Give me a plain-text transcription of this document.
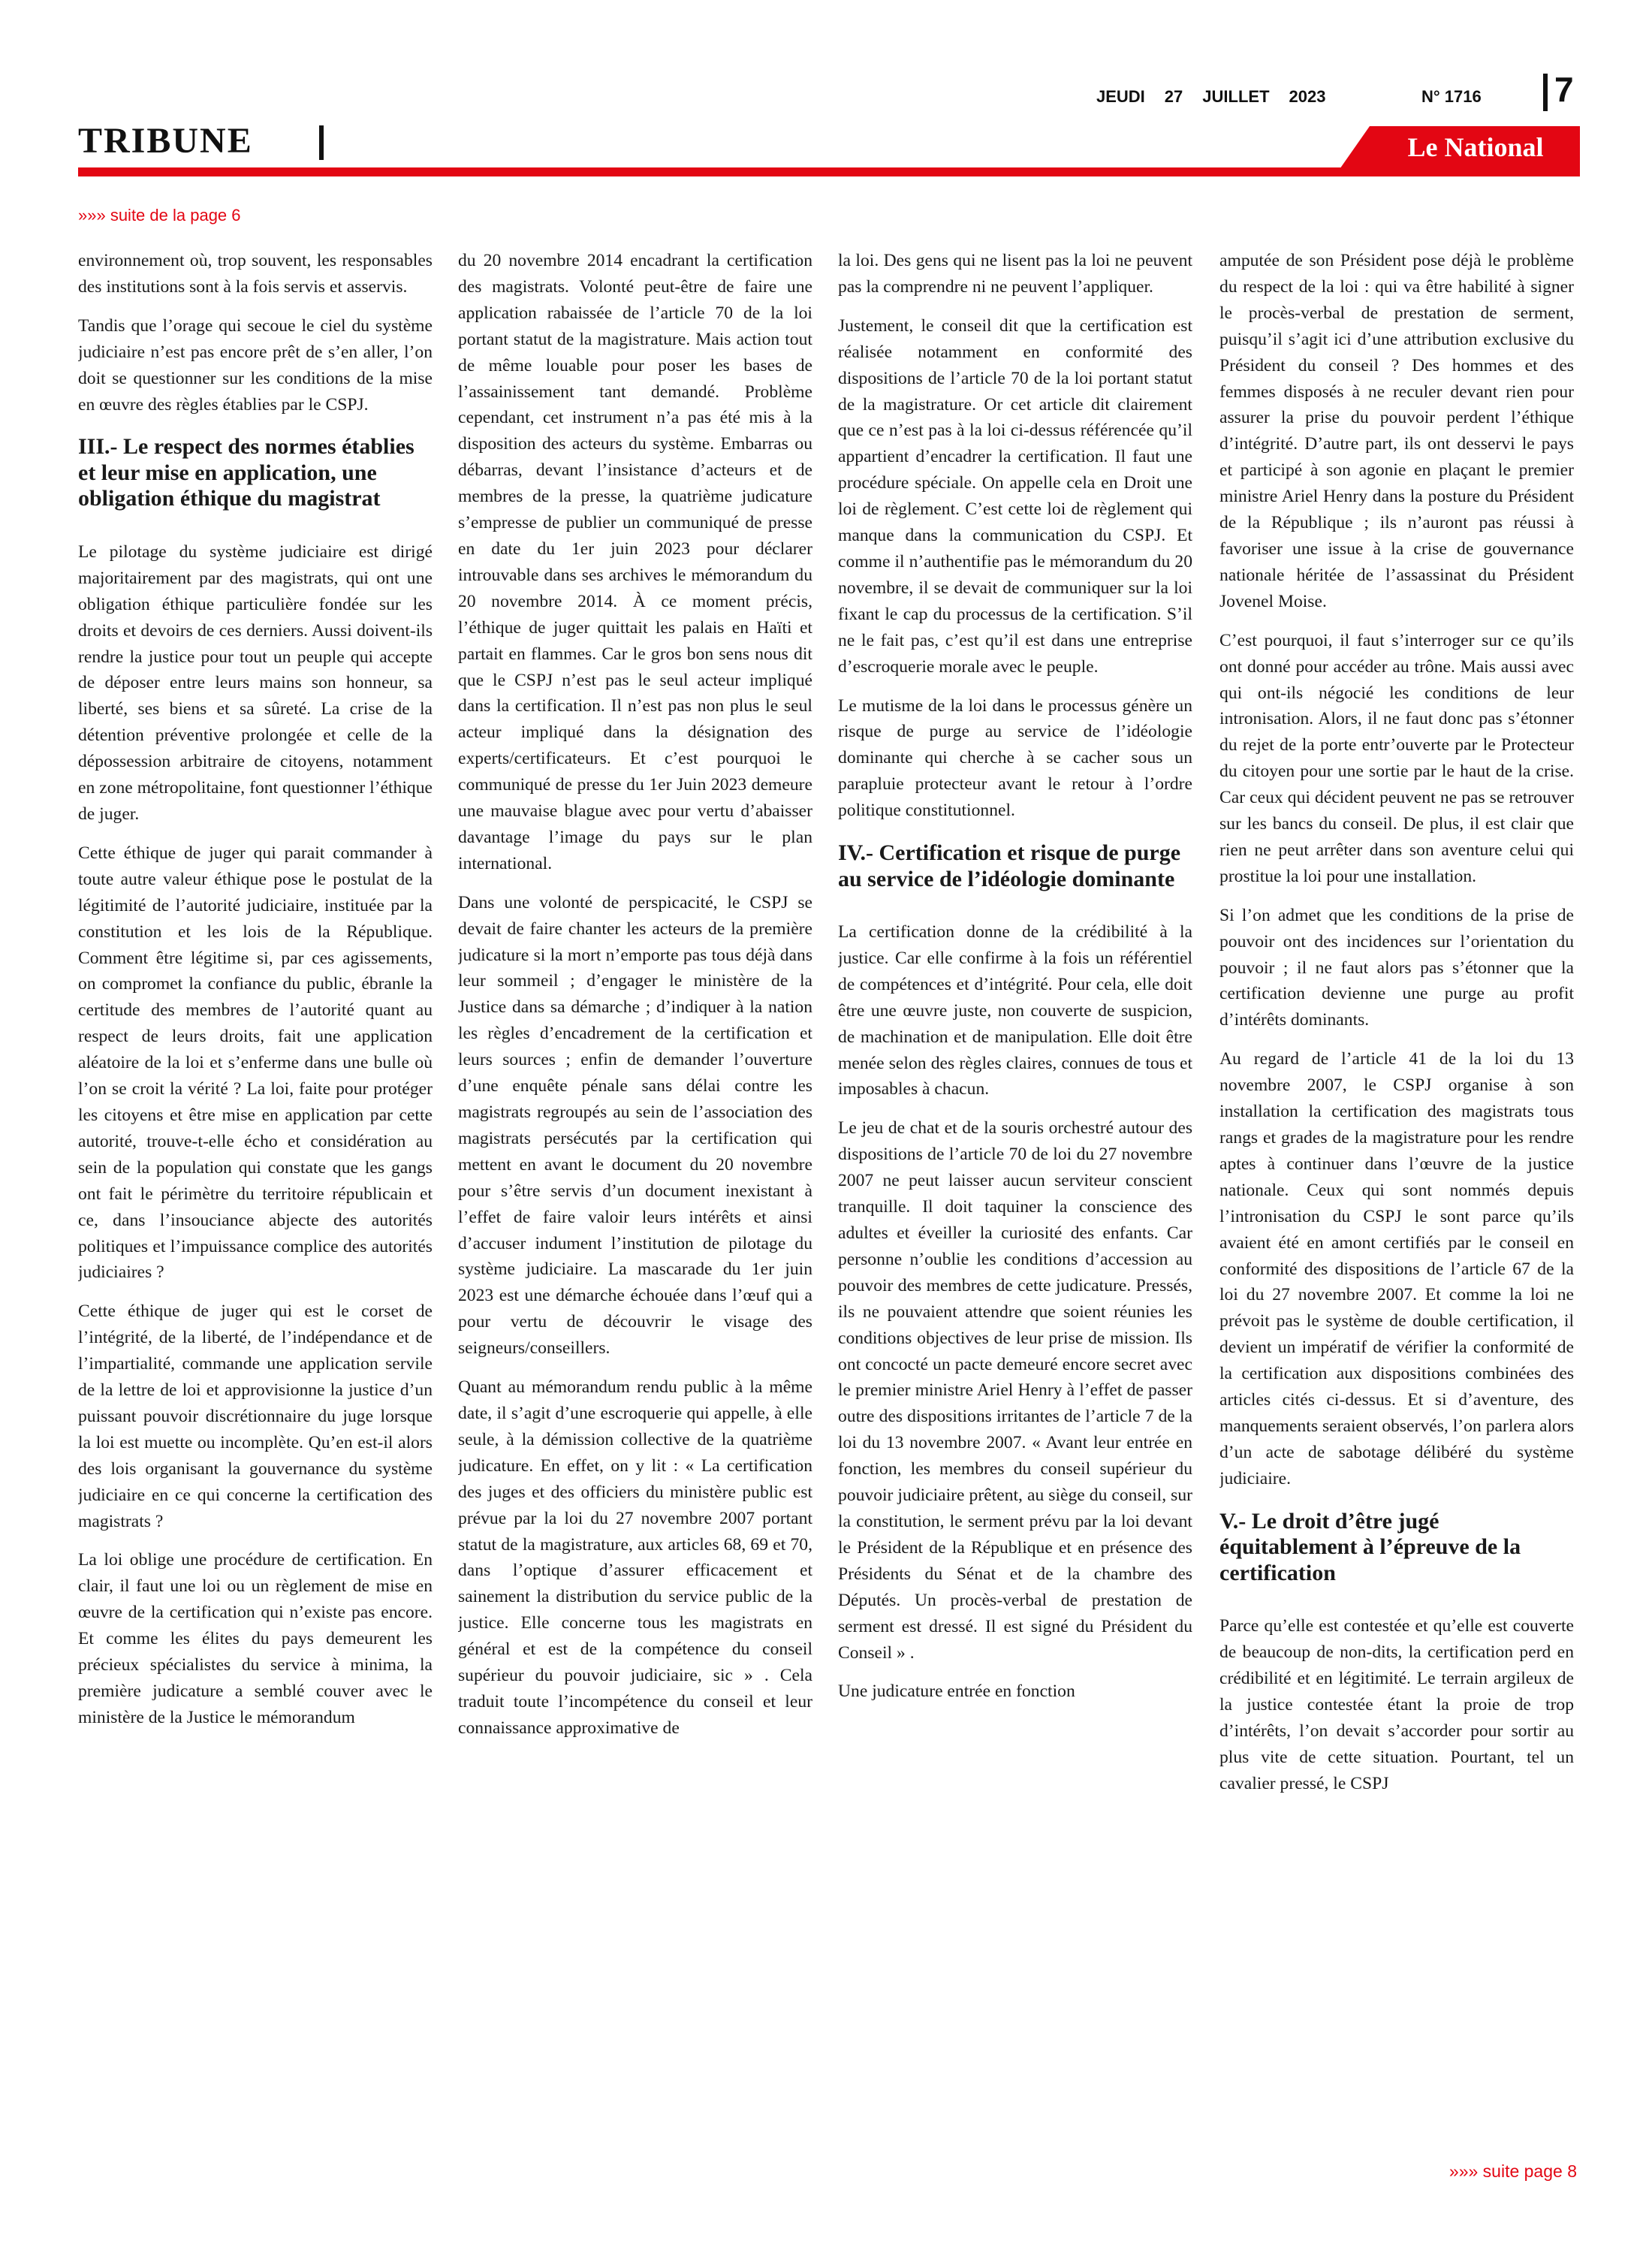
TRIBUNE
JEUDI 27 JUILLET 2023	N° 1716 7
Le National
»»» suite de la page 6

environnement où, trop souvent, les responsables des institutions sont à la fois servis et asservis.

Tandis que l’orage qui secoue le ciel du système judiciaire n’est pas encore prêt de s’en aller, l’on doit se questionner sur les conditions de la mise en œuvre des règles établies par le CSPJ.

III.- Le respect des normes établies et leur mise en application, une obligation éthique du magistrat

Le pilotage du système judiciaire est dirigé majoritairement par des magistrats, qui ont une obligation éthique particulière fondée sur les droits et devoirs de ces derniers. Aussi doivent-ils rendre la justice pour tout un peuple qui accepte de déposer entre leurs mains son honneur, sa liberté, ses biens et sa sûreté. La crise de la détention préventive prolongée et celle de la dépossession arbitraire de citoyens, notamment en zone métropolitaine, font questionner l’éthique de juger.

Cette éthique de juger qui parait commander à toute autre valeur éthique pose le postulat de la légitimité de l’autorité judiciaire, instituée par la constitution et les lois de la République. Comment être légitime si, par ces agissements, on compromet la confiance du public, ébranle la certitude des membres de l’autorité quant au respect de leurs droits, fait une application aléatoire de la loi et s’enferme dans une bulle où l’on se croit la vérité ? La loi, faite pour protéger les citoyens et être mise en application par cette autorité, trouve-t-elle écho et considération au sein de la population qui constate que les gangs ont fait le périmètre du territoire républicain et ce, dans l’insouciance abjecte des autorités politiques et l’impuissance complice des autorités judiciaires ?

Cette éthique de juger qui est le corset de l’intégrité, de la liberté, de l’indépendance et de l’impartialité, commande une application servile de la lettre de loi et approvisionne la justice d’un puissant pouvoir discrétionnaire du juge lorsque la loi est muette ou incomplète. Qu’en est-il alors des lois organisant la gouvernance du système judiciaire en ce qui concerne la certification des magistrats ?

La loi oblige une procédure de certification. En clair, il faut une loi ou un règlement de mise en œuvre de la certification qui n’existe pas encore. Et comme les élites du pays demeurent les précieux spécialistes du service à minima, la première judicature a semblé couver avec le ministère de la Justice le mémorandum

du 20 novembre 2014 encadrant la certification des magistrats. Volonté peut-être de faire une application rabaissée de l’article 70 de la loi portant statut de la magistrature. Mais action tout de même louable pour poser les bases de l’assainissement tant demandé. Problème cependant, cet instrument n’a pas été mis à la disposition des acteurs du système. Embarras ou débarras, devant l’insistance d’acteurs et de membres de la presse, la quatrième judicature s’empresse de publier un communiqué de presse en date du 1er juin 2023 pour déclarer introuvable dans ses archives le mémorandum du 20 novembre 2014. À ce moment précis, l’éthique de juger quittait les palais en Haïti et partait en flammes. Car le gros bon sens nous dit que le CSPJ n’est pas le seul acteur impliqué dans la certification. Il n’est pas non plus le seul acteur impliqué dans la désignation des experts/certificateurs. Et c’est pourquoi le communiqué de presse du 1er Juin 2023 demeure une mauvaise blague avec pour vertu d’abaisser davantage l’image du pays sur le plan international.

Dans une volonté de perspicacité, le CSPJ se devait de faire chanter les acteurs de la première judicature si la mort n’emporte pas tous déjà dans leur sommeil ; d’engager le ministère de la Justice dans sa démarche ; d’indiquer à la nation les règles d’encadrement de la certification et leurs sources ; enfin de demander l’ouverture d’une enquête pénale sans délai contre les magistrats regroupés au sein de l’association des magistrats persécutés par la certification qui mettent en avant le document du 20 novembre pour s’être servis d’un document inexistant à l’effet de faire valoir leurs intérêts et ainsi d’accuser indument l’institution de pilotage du système judiciaire. La mascarade du 1er juin 2023 est une démarche échouée dans l’œuf qui a pour vertu de découvrir le visage des seigneurs/conseillers.

Quant au mémorandum rendu public à la même date, il s’agit d’une escroquerie qui appelle, à elle seule, à la démission collective de la quatrième judicature. En effet, on y lit : « La certification des juges et des officiers du ministère public est prévue par la loi du 27 novembre 2007 portant statut de la magistrature, aux articles 68, 69 et 70, dans l’optique d’assurer efficacement et sainement la distribution du service public de la justice. Elle concerne tous les magistrats en général et est de la compétence du conseil supérieur du pouvoir judiciaire, sic » . Cela traduit toute l’incompétence du conseil et leur connaissance approximative de

la loi. Des gens qui ne lisent pas la loi ne peuvent pas la comprendre ni ne peuvent l’appliquer.

Justement, le conseil dit que la certification est réalisée notamment en conformité des dispositions de l’article 70 de la loi portant statut de la magistrature. Or cet article dit clairement que ce n’est pas à la loi ci-dessus référencée qu’il appartient d’encadrer la certification. Il faut une procédure spéciale. On appelle cela en Droit une loi de règlement. C’est cette loi de règlement qui manque dans la communication du CSPJ. Et comme il n’authentifie pas le mémorandum du 20 novembre, il se devait de communiquer sur la loi fixant le cap du processus de la certification. S’il ne le fait pas, c’est qu’il est dans une entreprise d’escroquerie morale avec le peuple.

Le mutisme de la loi dans le processus génère un risque de purge au service de l’idéologie dominante qui cherche à se cacher sous un parapluie protecteur avant le retour à l’ordre politique constitutionnel.

IV.- Certification et risque de purge au service de l’idéologie dominante

La certification donne de la crédibilité à la justice. Car elle confirme à la fois un référentiel de compétences et d’intégrité. Pour cela, elle doit être une œuvre juste, non couverte de suspicion, de machination et de manipulation. Elle doit être menée selon des règles claires, connues de tous et imposables à chacun.

Le jeu de chat et de la souris orchestré autour des dispositions de l’article 70 de loi du 27 novembre 2007 ne peut laisser aucun serviteur conscient tranquille. Il doit taquiner la conscience des adultes et éveiller la curiosité des enfants. Car personne n’oublie les conditions d’accession au pouvoir des membres de cette judicature. Pressés, ils ne pouvaient attendre que soient réunies les conditions objectives de leur prise de mission. Ils ont concocté un pacte demeuré encore secret avec le premier ministre Ariel Henry à l’effet de passer outre des dispositions irritantes de l’article 7 de la loi du 13 novembre 2007. « Avant leur entrée en fonction, les membres du conseil supérieur du pouvoir judiciaire prêtent, au siège du conseil, sur la constitution, le serment prévu par la loi devant le Président de la République et en présence des Présidents du Sénat et de la chambre des Députés. Un procès-verbal de prestation de serment est dressé. Il est signé du Président du Conseil » .

Une judicature entrée en fonction

amputée de son Président pose déjà le problème du respect de la loi : qui va être habilité à signer le procès-verbal de prestation de serment, puisqu’il s’agit ici d’une attribution exclusive du Président du conseil ? Des hommes et des femmes disposés à ne reculer devant rien pour assurer la prise du pouvoir perdent l’éthique d’intégrité. D’autre part, ils ont desservi le pays et participé à son agonie en plaçant le premier ministre Ariel Henry dans la posture du Président de la République ; ils n’auront pas réussi à favoriser une issue à la crise de gouvernance nationale héritée de l’assassinat du Président Jovenel Moise.

C’est pourquoi, il faut s’interroger sur ce qu’ils ont donné pour accéder au trône. Mais aussi avec qui ont-ils négocié les conditions de leur intronisation. Alors, il ne faut donc pas s’étonner du rejet de la porte entr’ouverte par le Protecteur du citoyen pour une sortie par le haut de la crise. Car ceux qui décident peuvent ne pas se retrouver sur les bancs du conseil. De plus, il est clair que rien ne peut arrêter dans son aventure celui qui prostitue la loi pour une installation.

Si l’on admet que les conditions de la prise de pouvoir ont des incidences sur l’orientation du pouvoir ; il ne faut alors pas s’étonner que la certification devienne une purge au profit d’intérêts dominants.

Au regard de l’article 41 de la loi du 13 novembre 2007, le CSPJ organise à son installation la certification des magistrats tous rangs et grades de la magistrature pour les rendre aptes à continuer dans l’œuvre de la justice nationale. Ceux qui sont nommés depuis l’intronisation du CSPJ le sont parce qu’ils avaient été en amont certifiés par le conseil en conformité des dispositions de l’article 67 de la loi du 27 novembre 2007. Et comme la loi ne prévoit pas le système de double certification, il devient un impératif de vérifier la conformité de la certification aux dispositions combinées des articles cités ci-dessus. Et si d’aventure, des manquements seraient observés, l’on parlera alors d’un acte de sabotage délibéré du système judiciaire.

V.- Le droit d’être jugé équitablement à l’épreuve de la certification

Parce qu’elle est contestée et qu’elle est couverte de beaucoup de non-dits, la certification perd en crédibilité et en légitimité. Le terrain argileux de la justice contestée étant la proie de trop d’intérêts, l’on devait s’accorder pour sortir au plus vite de cette situation. Pourtant, tel un cavalier pressé, le CSPJ

»»» suite page 8
